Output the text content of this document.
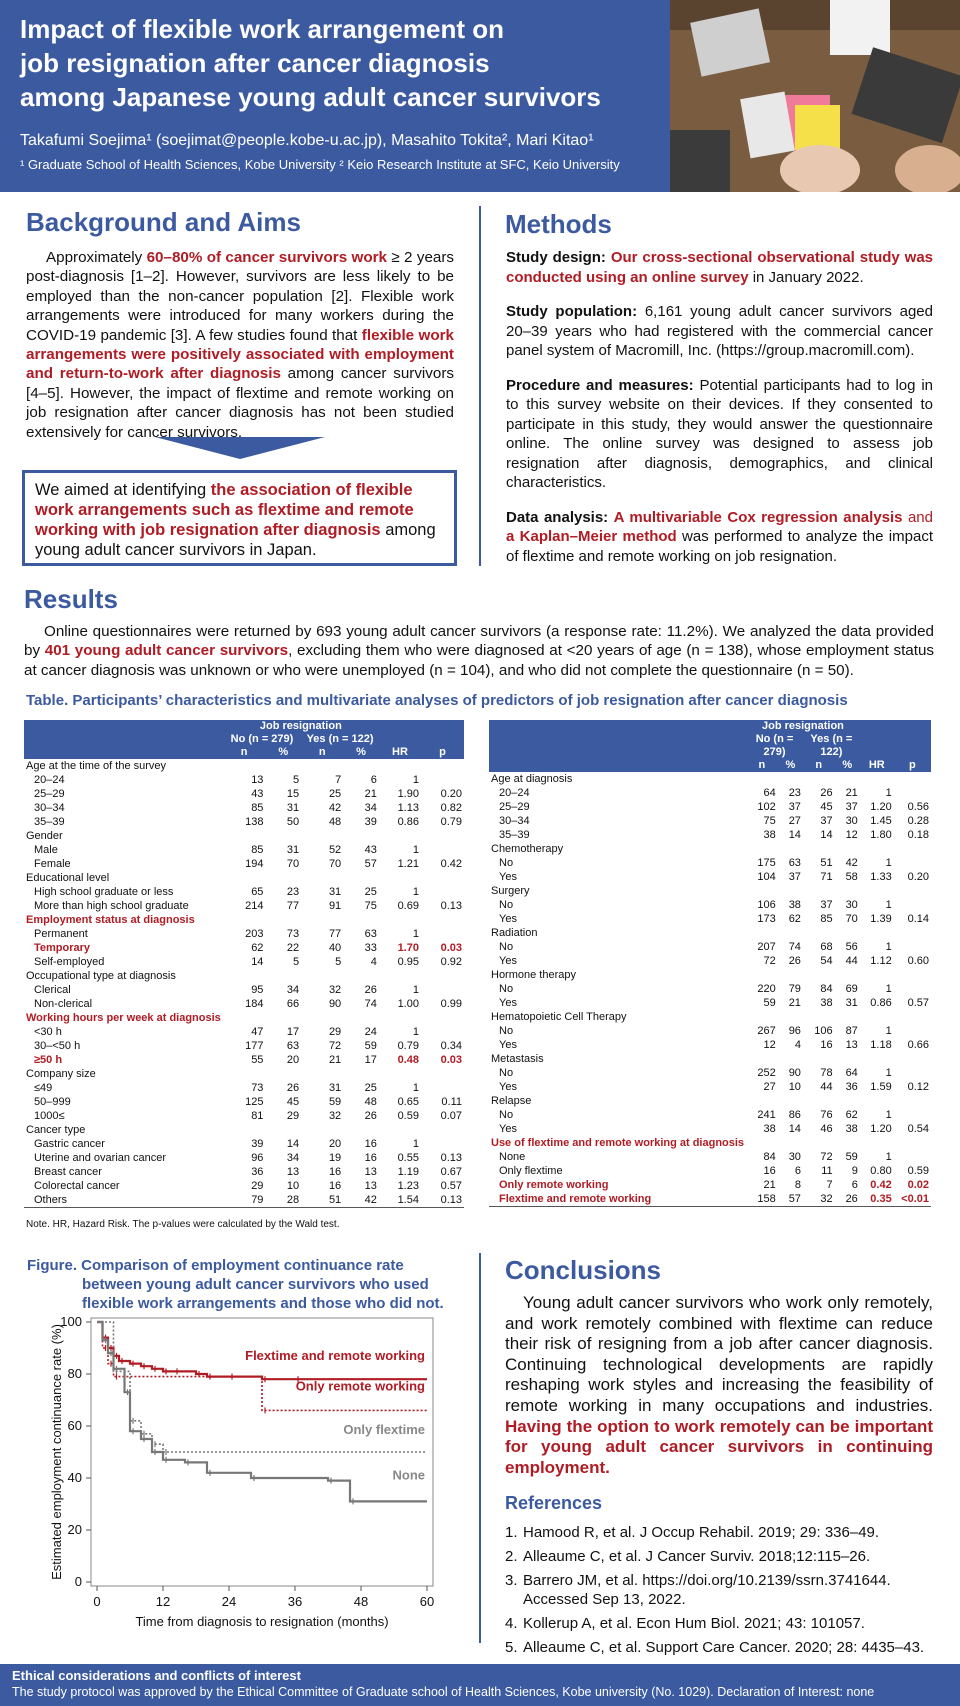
Impact of flexible work arrangement on
job resignation after cancer diagnosis
among Japanese young adult cancer survivors
Takafumi Soejima¹ (soejimat@people.kobe-u.ac.jp), Masahito Tokita², Mari Kitao¹
¹ Graduate School of Health Sciences, Kobe University ² Keio Research Institute at SFC, Keio University
Background and Aims

Approximately 60–80% of cancer survivors work ≥ 2 years post-diagnosis [1–2]. However, survivors are less likely to be employed than the non-cancer population [2]. Flexible work arrangements were introduced for many workers during the COVID-19 pandemic [3]. A few studies found that flexible work arrangements were positively associated with employment and return-to-work after diagnosis among cancer survivors [4–5]. However, the impact of flextime and remote working on job resignation after cancer diagnosis has not been studied extensively for cancer survivors.

We aimed at identifying the association of flexible work arrangements such as flextime and remote working with job resignation after diagnosis among young adult cancer survivors in Japan.
Methods

Study design: Our cross-sectional observational study was conducted using an online survey in January 2022.

Study population: 6,161 young adult cancer survivors aged 20–39 years who had registered with the commercial cancer panel system of Macromill, Inc. (https://group.macromill.com).

Procedure and measures: Potential participants had to log in to this survey website on their devices. If they consented to participate in this study, they would answer the questionnaire online. The online survey was designed to assess job resignation after diagnosis, demographics, and clinical characteristics.

Data analysis: A multivariable Cox regression analysis and a Kaplan–Meier method was performed to analyze the impact of flextime and remote working on job resignation.

Results
Online questionnaires were returned by 693 young adult cancer survivors (a response rate: 11.2%). We analyzed the data provided by 401 young adult cancer survivors, excluding them who were diagnosed at <20 years of age (n = 138), whose employment status at cancer diagnosis was unknown or who were unemployed (n = 104), and who did not complete the questionnaire (n = 50).
Table. Participants’ characteristics and multivariate analyses of predictors of job resignation after cancer diagnosis
	Job resignation					
	No (n = 279)		Yes (n = 122)			
	n	%	n	%	HR	p
Age at the time of the survey						
20–24	13	5	7	6	1	
25–29	43	15	25	21	1.90	0.20
30–34	85	31	42	34	1.13	0.82
35–39	138	50	48	39	0.86	0.79
Gender						
Male	85	31	52	43	1	
Female	194	70	70	57	1.21	0.42
Educational level						
High school graduate or less	65	23	31	25	1	
More than high school graduate	214	77	91	75	0.69	0.13
Employment status at diagnosis						
Permanent	203	73	77	63	1	
Temporary	62	22	40	33	1.70	0.03
Self-employed	14	5	5	4	0.95	0.92
Occupational type at diagnosis						
Clerical	95	34	32	26	1	
Non-clerical	184	66	90	74	1.00	0.99
Working hours per week at diagnosis						
<30 h	47	17	29	24	1	
30–<50 h	177	63	72	59	0.79	0.34
≥50 h	55	20	21	17	0.48	0.03
Company size						
≤49	73	26	31	25	1	
50–999	125	45	59	48	0.65	0.11
1000≤	81	29	32	26	0.59	0.07
Cancer type						
Gastric cancer	39	14	20	16	1	
Uterine and ovarian cancer	96	34	19	16	0.55	0.13
Breast cancer	36	13	16	13	1.19	0.67
Colorectal cancer	29	10	16	13	1.23	0.57
Others	79	28	51	42	1.54	0.13
	Job resignation					
	No (n = 279)		Yes (n = 122)			
	n	%	n	%	HR	p
Age at diagnosis						
20–24	64	23	26	21	1	
25–29	102	37	45	37	1.20	0.56
30–34	75	27	37	30	1.45	0.28
35–39	38	14	14	12	1.80	0.18
Chemotherapy						
No	175	63	51	42	1	
Yes	104	37	71	58	1.33	0.20
Surgery						
No	106	38	37	30	1	
Yes	173	62	85	70	1.39	0.14
Radiation						
No	207	74	68	56	1	
Yes	72	26	54	44	1.12	0.60
Hormone therapy						
No	220	79	84	69	1	
Yes	59	21	38	31	0.86	0.57
Hematopoietic Cell Therapy						
No	267	96	106	87	1	
Yes	12	4	16	13	1.18	0.66
Metastasis						
No	252	90	78	64	1	
Yes	27	10	44	36	1.59	0.12
Relapse						
No	241	86	76	62	1	
Yes	38	14	46	38	1.20	0.54
Use of flextime and remote working at diagnosis						
None	84	30	72	59	1	
Only flextime	16	6	11	9	0.80	0.59
Only remote working	21	8	7	6	0.42	0.02
Flextime and remote working	158	57	32	26	0.35	<0.01
Note. HR, Hazard Risk. The p-values were calculated by the Wald test.
Figure. Comparison of employment continuance rate
between young adult cancer survivors who used flexible work arrangements and those who did not.
0	12	24	36	48	60
0
20
40
60
80
100
Time from diagnosis to resignation (months)
Estimated employment continuance rate (%)	Flextime and remote working
Only remote working
Only flextime
None
Conclusions
Young adult cancer survivors who work only remotely, and work remotely combined with flextime can reduce their risk of resigning from a job after cancer diagnosis. Continuing technological developments are rapidly reshaping work styles and increasing the feasibility of remote working in many occupations and industries. Having the option to work remotely can be important for young adult cancer survivors in continuing employment.
References
1. Hamood R, et al. J Occup Rehabil. 2019; 29: 336–49.
2. Alleaume C, et al. J Cancer Surviv. 2018;12:115–26.
3. Barrero JM, et al. https://doi.org/10.2139/ssrn.3741644. Accessed Sep 13, 2022.
4. Kollerup A, et al. Econ Hum Biol. 2021; 43: 101057.
5. Alleaume C, et al. Support Care Cancer. 2020; 28: 4435–43.
Ethical considerations and conflicts of interest
The study protocol was approved by the Ethical Committee of Graduate school of Health Sciences, Kobe university (No. 1029). Declaration of Interest: none
